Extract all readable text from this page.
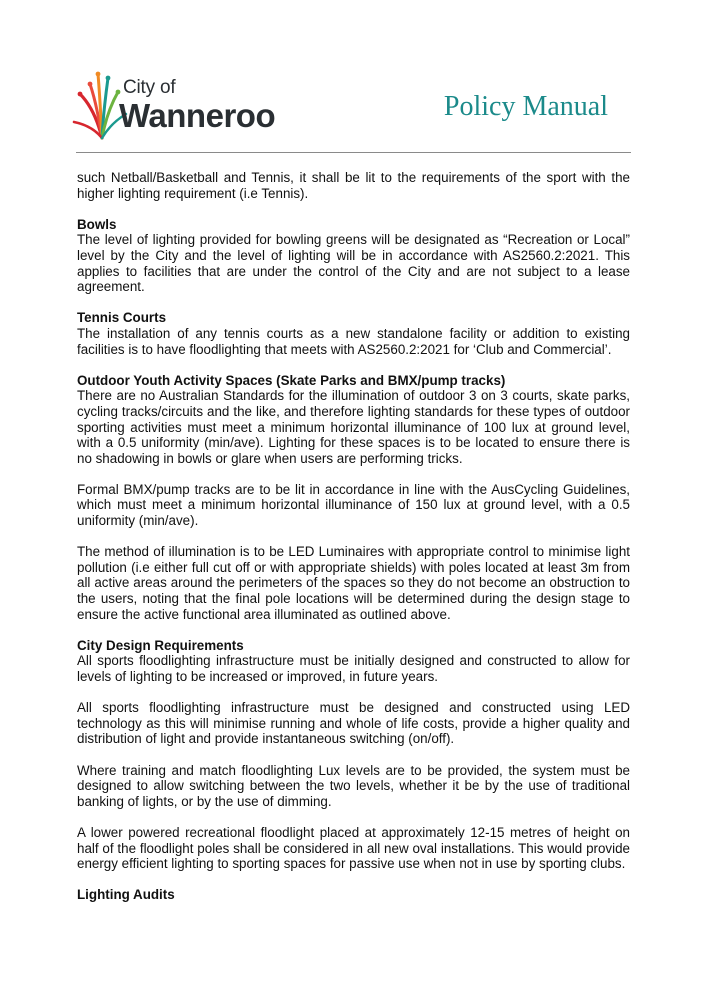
City of
Wanneroo	Policy Manual

such Netball/Basketball and Tennis, it shall be lit to the requirements of the sport with the higher lighting requirement (i.e Tennis).

Bowls

The level of lighting provided for bowling greens will be designated as “Recreation or Local” level by the City and the level of lighting will be in accordance with AS2560.2:2021. This applies to facilities that are under the control of the City and are not subject to a lease agreement.

Tennis Courts

The installation of any tennis courts as a new standalone facility or addition to existing facilities is to have floodlighting that meets with AS2560.2:2021 for ‘Club and Commercial’.

Outdoor Youth Activity Spaces (Skate Parks and BMX/pump tracks)

There are no Australian Standards for the illumination of outdoor 3 on 3 courts, skate parks, cycling tracks/circuits and the like, and therefore lighting standards for these types of outdoor sporting activities must meet a minimum horizontal illuminance of 100 lux at ground level, with a 0.5 uniformity (min/ave). Lighting for these spaces is to be located to ensure there is no shadowing in bowls or glare when users are performing tricks.

Formal BMX/pump tracks are to be lit in accordance in line with the AusCycling Guidelines, which must meet a minimum horizontal illuminance of 150 lux at ground level, with a 0.5 uniformity (min/ave).

The method of illumination is to be LED Luminaires with appropriate control to minimise light pollution (i.e either full cut off or with appropriate shields) with poles located at least 3m from all active areas around the perimeters of the spaces so they do not become an obstruction to the users, noting that the final pole locations will be determined during the design stage to ensure the active functional area illuminated as outlined above.

City Design Requirements

All sports floodlighting infrastructure must be initially designed and constructed to allow for levels of lighting to be increased or improved, in future years.

All sports floodlighting infrastructure must be designed and constructed using LED technology as this will minimise running and whole of life costs, provide a higher quality and distribution of light and provide instantaneous switching (on/off).

Where training and match floodlighting Lux levels are to be provided, the system must be designed to allow switching between the two levels, whether it be by the use of traditional banking of lights, or by the use of dimming.

A lower powered recreational floodlight placed at approximately 12-15 metres of height on half of the floodlight poles shall be considered in all new oval installations. This would provide energy efficient lighting to sporting spaces for passive use when not in use by sporting clubs.

Lighting Audits
